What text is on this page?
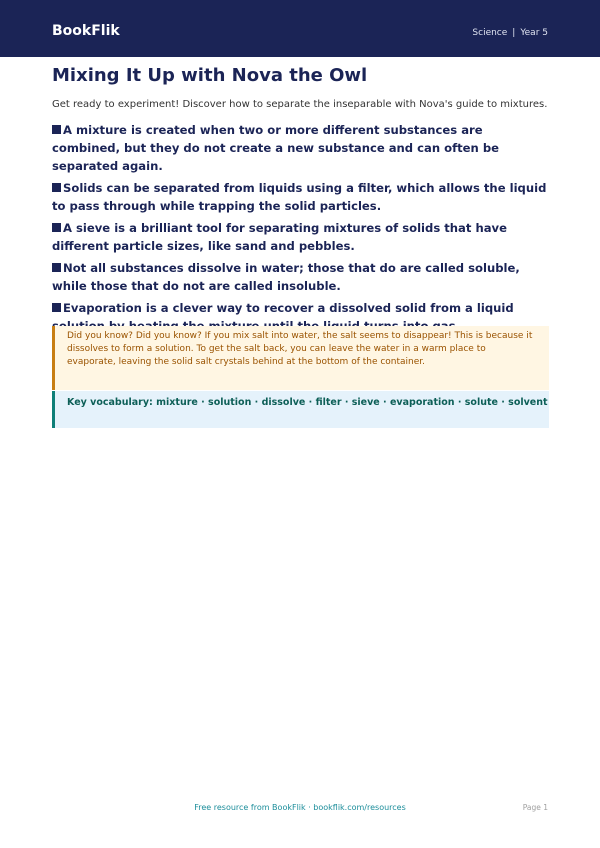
BookFlik	Science | Year 5
Mixing It Up with Nova the Owl

Get ready to experiment! Discover how to separate the inseparable with Nova's guide to mixtures.

A mixture is created when two or more different substances are combined, but they do not create a new substance and can often be separated again.
Solids can be separated from liquids using a filter, which allows the liquid to pass through while trapping the solid particles.
A sieve is a brilliant tool for separating mixtures of solids that have different particle sizes, like sand and pebbles.
Not all substances dissolve in water; those that do are called soluble, while those that do not are called insoluble.
Evaporation is a clever way to recover a dissolved solid from a liquid

Did you know? Did you know? If you mix salt into water, the salt seems to disappear! This is because it dissolves to form a solution. To get the salt back, you can leave the water in a warm place to evaporate, leaving the solid salt crystals behind at the bottom of the container.

Key vocabulary: mixture · solution · dissolve · filter · sieve · evaporation · solute · solvent

Free resource from BookFlik · bookflik.com/resources	Page 1
